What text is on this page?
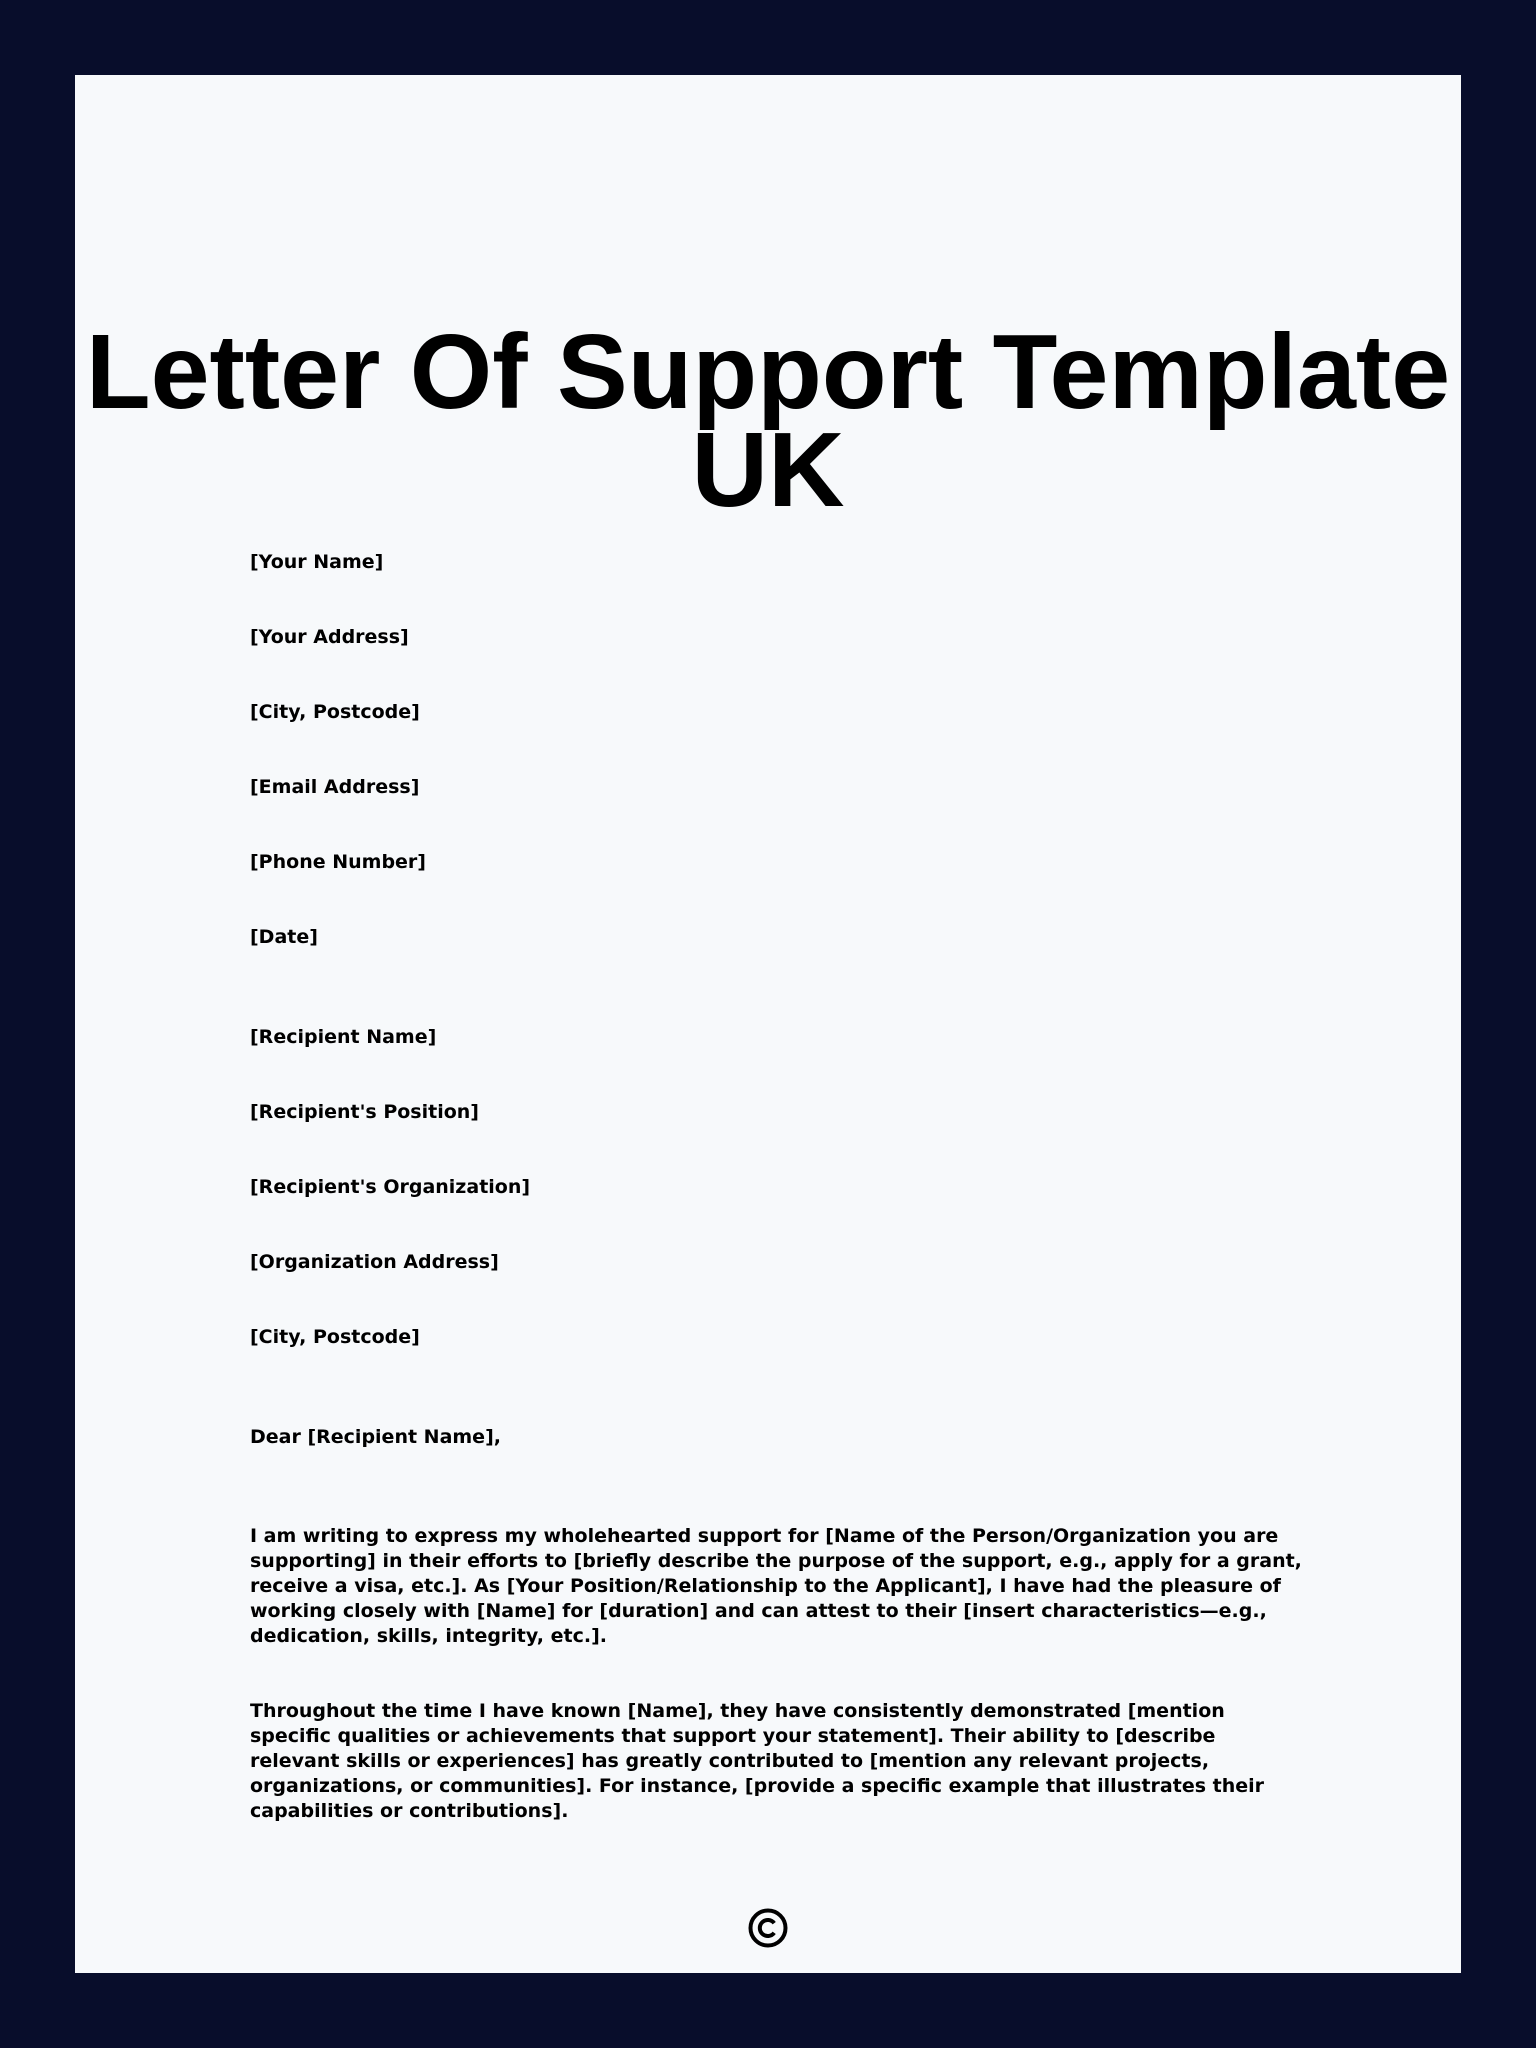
Letter Of Support Template UK

[Your Name]

[Your Address]

[City, Postcode]

[Email Address]

[Phone Number]

[Date]

[Recipient Name]

[Recipient's Position]

[Recipient's Organization]

[Organization Address]

[City, Postcode]

Dear [Recipient Name],

I am writing to express my wholehearted support for [Name of the Person/Organization you are supporting] in their efforts to [briefly describe the purpose of the support, e.g., apply for a grant, receive a visa, etc.]. As [Your Position/Relationship to the Applicant], I have had the pleasure of working closely with [Name] for [duration] and can attest to their [insert characteristics—e.g., dedication, skills, integrity, etc.].

Throughout the time I have known [Name], they have consistently demonstrated [mention specific qualities or achievements that support your statement]. Their ability to [describe relevant skills or experiences] has greatly contributed to [mention any relevant projects, organizations, or communities]. For instance, [provide a specific example that illustrates their capabilities or contributions].
